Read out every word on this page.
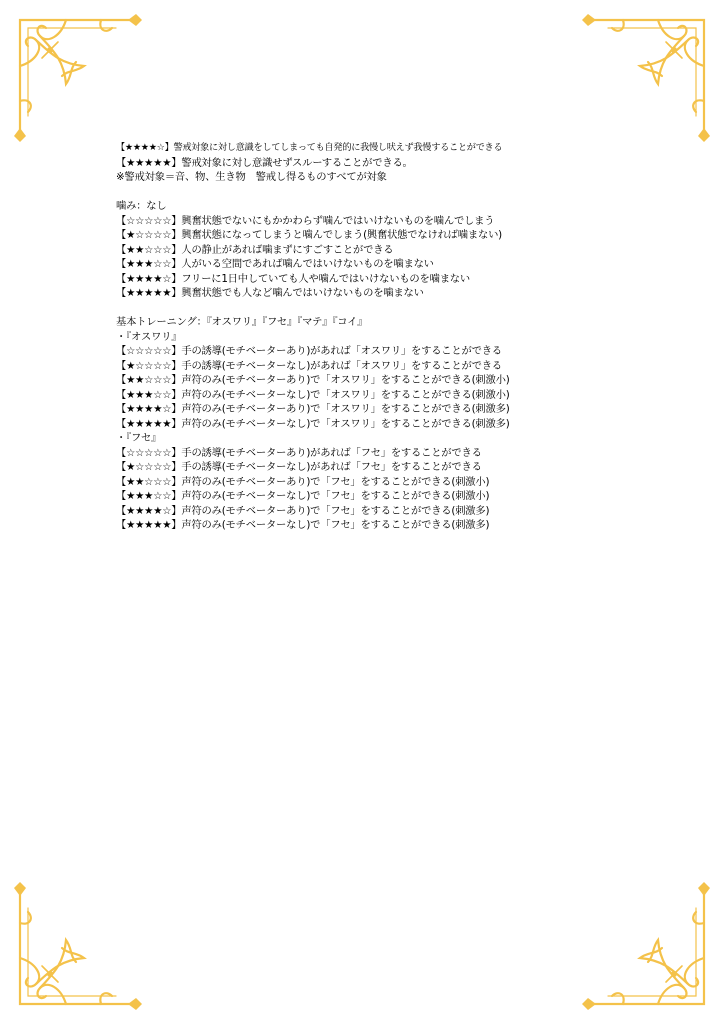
【★★★★☆】警戒対象に対し意識をしてしまっても自発的に我慢し吠えず我慢することができる
【★★★★★】警戒対象に対し意識せずスルーすることができる。
※警戒対象＝音、物、生き物　警戒し得るものすべてが対象
噛み：なし
【☆☆☆☆☆】興奮状態でないにもかかわらず噛んではいけないものを噛んでしまう
【★☆☆☆☆】興奮状態になってしまうと噛んでしまう(興奮状態でなければ噛まない)
【★★☆☆☆】人の静止があれば噛まずにすごすことができる
【★★★☆☆】人がいる空間であれば噛んではいけないものを噛まない
【★★★★☆】フリーに1日中していても人や噛んではいけないものを噛まない
【★★★★★】興奮状態でも人など噛んではいけないものを噛まない
基本トレーニング：『オスワリ』『フセ』『マテ』『コイ』
・『オスワリ』
【☆☆☆☆☆】手の誘導(モチベーターあり)があれば「オスワリ」をすることができる
【★☆☆☆☆】手の誘導(モチベーターなし)があれば「オスワリ」をすることができる
【★★☆☆☆】声符のみ(モチベーターあり)で「オスワリ」をすることができる(刺激小)
【★★★☆☆】声符のみ(モチベーターなし)で「オスワリ」をすることができる(刺激小)
【★★★★☆】声符のみ(モチベーターあり)で「オスワリ」をすることができる(刺激多)
【★★★★★】声符のみ(モチベーターなし)で「オスワリ」をすることができる(刺激多)
・『フセ』
【☆☆☆☆☆】手の誘導(モチベーターあり)があれば「フセ」をすることができる
【★☆☆☆☆】手の誘導(モチベーターなし)があれば「フセ」をすることができる
【★★☆☆☆】声符のみ(モチベーターあり)で「フセ」をすることができる(刺激小)
【★★★☆☆】声符のみ(モチベーターなし)で「フセ」をすることができる(刺激小)
【★★★★☆】声符のみ(モチベーターあり)で「フセ」をすることができる(刺激多)
【★★★★★】声符のみ(モチベーターなし)で「フセ」をすることができる(刺激多)
